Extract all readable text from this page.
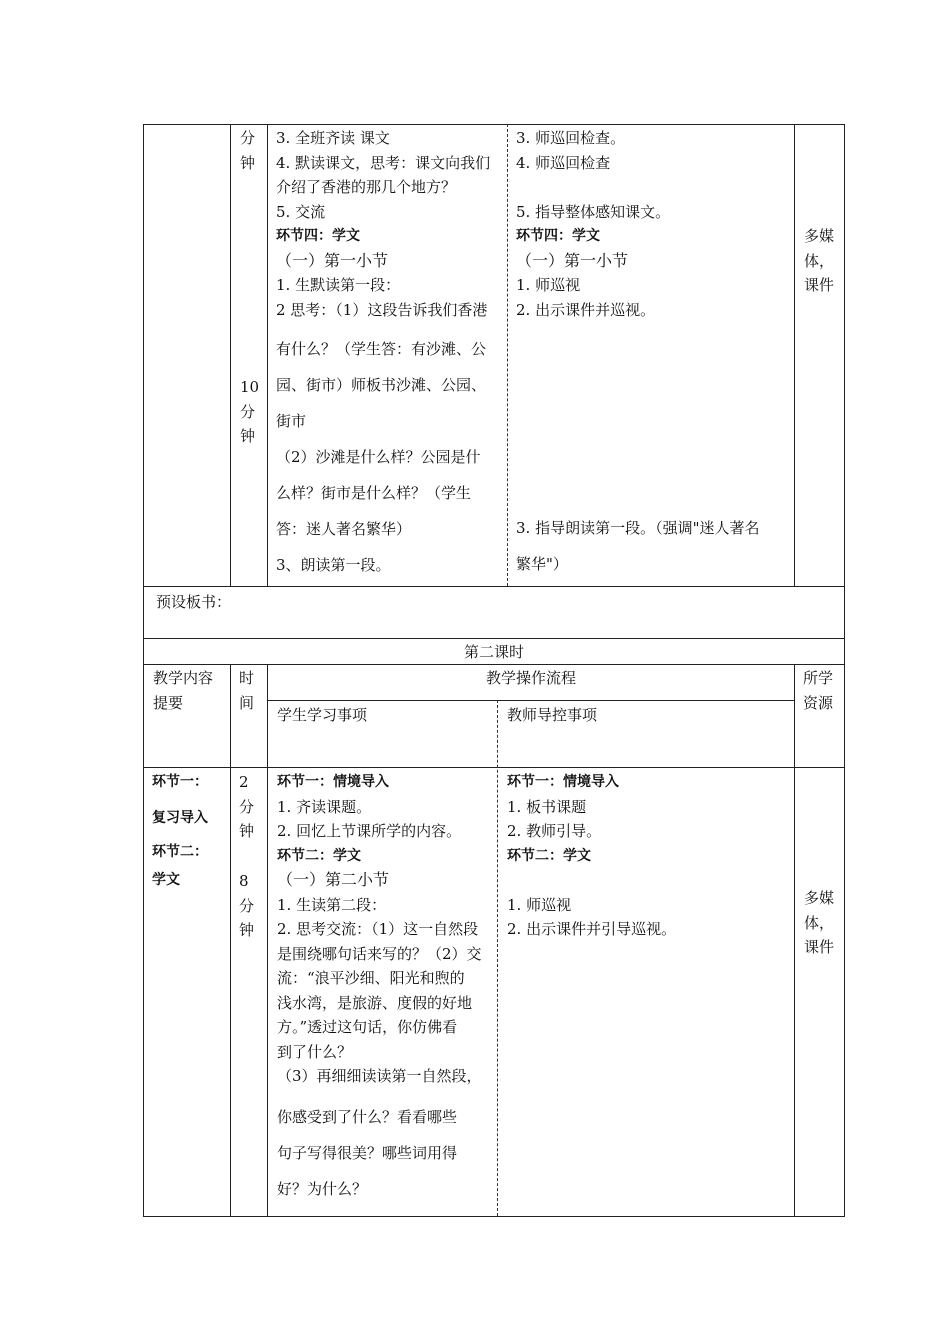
分
钟
10
分
钟
3. 全班齐读 课文
4. 默读课文，思考：课文向我们
介绍了香港的那几个地方？
5. 交流
环节四：学文
（一）第一小节
1. 生默读第一段：
2 思考：（1）这段告诉我们香港
有什么？（学生答：有沙滩、公
园、街市）师板书沙滩、公园、
街市
（2）沙滩是什么样？公园是什
么样？街市是什么样？（学生
答：迷人著名繁华）
3、朗读第一段。
3. 师巡回检查。
4. 师巡回检查

5. 指导整体感知课文。
环节四：学文
（一）第一小节
1. 师巡视
2. 出示课件并巡视。
3. 指导朗读第一段。（强调"迷人著名
繁华"）
多媒
体，
课件
预设板书：
第二课时
教学内容
提要
时
间
教学操作流程
学生学习事项	教师导控事项
所学
资源
环节一：
复习导入
环节二：
学文
2
分
钟
8
分
钟
环节一：情境导入
1. 齐读课题。
2. 回忆上节课所学的内容。
环节二：学文
（一）第二小节
1. 生读第二段：
2. 思考交流：（1）这一自然段
是围绕哪句话来写的？（2）交
流：“浪平沙细、阳光和煦的
浅水湾，是旅游、度假的好地
方。”透过这句话，你仿佛看
到了什么？
（3）再细细读读第一自然段，
你感受到了什么？看看哪些
句子写得很美？哪些词用得
好？为什么？
环节一：情境导入
1. 板书课题
2. 教师引导。
环节二：学文

1. 师巡视
2. 出示课件并引导巡视。
多媒
体，
课件
